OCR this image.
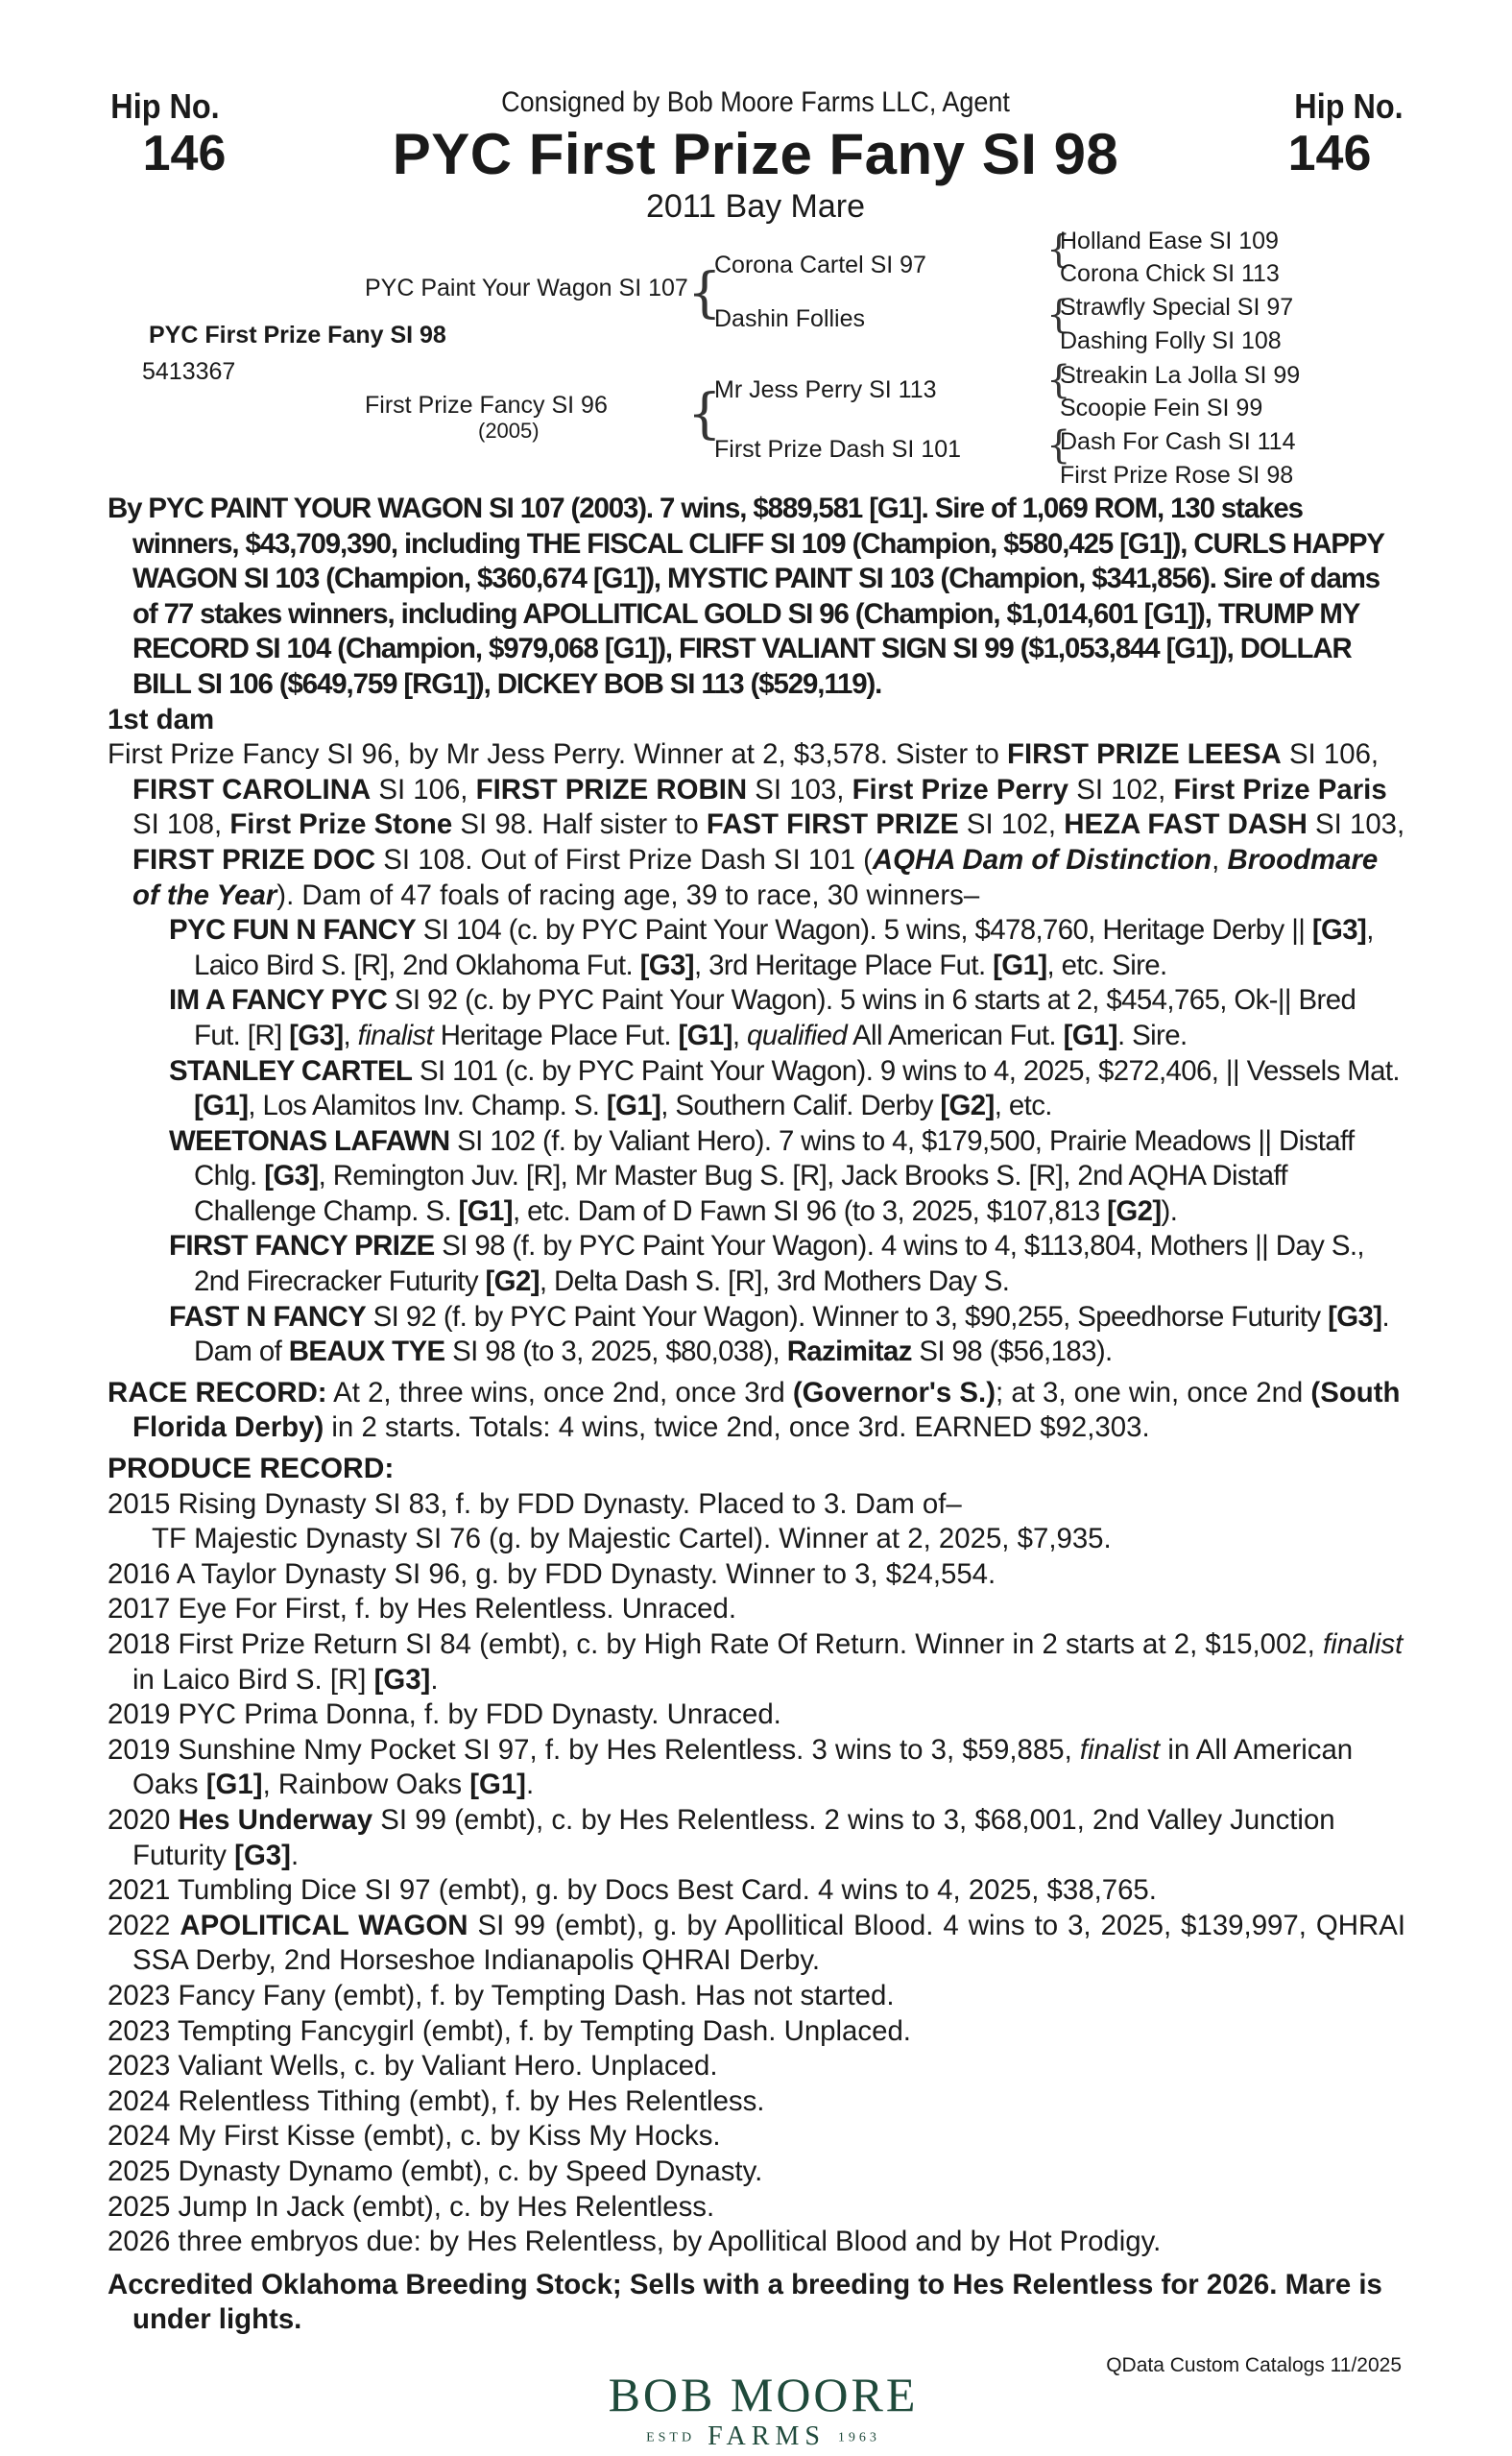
Hip No.
146
Hip No.
146
Consigned by Bob Moore Farms LLC, Agent
PYC First Prize Fany SI 98
2011 Bay Mare
PYC First Prize Fany SI 98
5413367
PYC Paint Your Wagon SI 107
First Prize Fancy SI 96
(2005)
{
{
Corona Cartel SI 97
Dashin Follies
Mr Jess Perry SI 113
First Prize Dash SI 101
{
{
{
{
Holland Ease SI 109
Corona Chick SI 113
Strawfly Special SI 97
Dashing Folly SI 108
Streakin La Jolla SI 99
Scoopie Fein SI 99
Dash For Cash SI 114
First Prize Rose SI 98

By PYC PAINT YOUR WAGON SI 107 (2003). 7 wins, $889,581 [G1]. Sire of 1,069 ROM, 130 stakes winners, $43,709,390, including THE FISCAL CLIFF SI 109 (Champion, $580,425 [G1]), CURLS HAPPY WAGON SI 103 (Champion, $360,674 [G1]), MYSTIC PAINT SI 103 (Champion, $341,856). Sire of dams of 77 stakes winners, including APOLLITICAL GOLD SI 96 (Champion, $1,014,601 [G1]), TRUMP MY RECORD SI 104 (Champion, $979,068 [G1]), FIRST VALIANT SIGN SI 99 ($1,053,844 [G1]), DOLLAR BILL SI 106 ($649,759 [RG1]), DICKEY BOB SI 113 ($529,119).

1st dam

First Prize Fancy SI 96, by Mr Jess Perry. Winner at 2, $3,578. Sister to FIRST PRIZE LEESA SI 106, FIRST CAROLINA SI 106, FIRST PRIZE ROBIN SI 103, First Prize Perry SI 102, First Prize Paris SI 108, First Prize Stone SI 98. Half sister to FAST FIRST PRIZE SI 102, HEZA FAST DASH SI 103, FIRST PRIZE DOC SI 108. Out of First Prize Dash SI 101 (AQHA Dam of Distinction, Broodmare of the Year). Dam of 47 foals of racing age, 39 to race, 30 winners–

PYC FUN N FANCY SI 104 (c. by PYC Paint Your Wagon). 5 wins, $478,760, Heritage Derby || [G3], Laico Bird S. [R], 2nd Oklahoma Fut. [G3], 3rd Heritage Place Fut. [G1], etc. Sire.

IM A FANCY PYC SI 92 (c. by PYC Paint Your Wagon). 5 wins in 6 starts at 2, $454,765, Ok-|| Bred Fut. [R] [G3], finalist Heritage Place Fut. [G1], qualified All American Fut. [G1]. Sire.

STANLEY CARTEL SI 101 (c. by PYC Paint Your Wagon). 9 wins to 4, 2025, $272,406, || Vessels Mat. [G1], Los Alamitos Inv. Champ. S. [G1], Southern Calif. Derby [G2], etc.

WEETONAS LAFAWN SI 102 (f. by Valiant Hero). 7 wins to 4, $179,500, Prairie Meadows || Distaff Chlg. [G3], Remington Juv. [R], Mr Master Bug S. [R], Jack Brooks S. [R], 2nd AQHA Distaff Challenge Champ. S. [G1], etc. Dam of D Fawn SI 96 (to 3, 2025, $107,813 [G2]).

FIRST FANCY PRIZE SI 98 (f. by PYC Paint Your Wagon). 4 wins to 4, $113,804, Mothers || Day S., 2nd Firecracker Futurity [G2], Delta Dash S. [R], 3rd Mothers Day S.

FAST N FANCY SI 92 (f. by PYC Paint Your Wagon). Winner to 3, $90,255, Speedhorse Futurity [G3]. Dam of BEAUX TYE SI 98 (to 3, 2025, $80,038), Razimitaz SI 98 ($56,183).

RACE RECORD: At 2, three wins, once 2nd, once 3rd (Governor's S.); at 3, one win, once 2nd (South Florida Derby) in 2 starts. Totals: 4 wins, twice 2nd, once 3rd. EARNED $92,303.

PRODUCE RECORD:

2015 Rising Dynasty SI 83, f. by FDD Dynasty. Placed to 3. Dam of–

TF Majestic Dynasty SI 76 (g. by Majestic Cartel). Winner at 2, 2025, $7,935.

2016 A Taylor Dynasty SI 96, g. by FDD Dynasty. Winner to 3, $24,554.

2017 Eye For First, f. by Hes Relentless. Unraced.

2018 First Prize Return SI 84 (embt), c. by High Rate Of Return. Winner in 2 starts at 2, $15,002, finalist in Laico Bird S. [R] [G3].

2019 PYC Prima Donna, f. by FDD Dynasty. Unraced.

2019 Sunshine Nmy Pocket SI 97, f. by Hes Relentless. 3 wins to 3, $59,885, finalist in All American Oaks [G1], Rainbow Oaks [G1].

2020 Hes Underway SI 99 (embt), c. by Hes Relentless. 2 wins to 3, $68,001, 2nd Valley Junction Futurity [G3].

2021 Tumbling Dice SI 97 (embt), g. by Docs Best Card. 4 wins to 4, 2025, $38,765.

2022 APOLITICAL WAGON SI 99 (embt), g. by Apollitical Blood. 4 wins to 3, 2025, $139,997, QHRAI SSA Derby, 2nd Horseshoe Indianapolis QHRAI Derby.

2023 Fancy Fany (embt), f. by Tempting Dash. Has not started.

2023 Tempting Fancygirl (embt), f. by Tempting Dash. Unplaced.

2023 Valiant Wells, c. by Valiant Hero. Unplaced.

2024 Relentless Tithing (embt), f. by Hes Relentless.

2024 My First Kisse (embt), c. by Kiss My Hocks.

2025 Dynasty Dynamo (embt), c. by Speed Dynasty.

2025 Jump In Jack (embt), c. by Hes Relentless.

2026 three embryos due: by Hes Relentless, by Apollitical Blood and by Hot Prodigy.

Accredited Oklahoma Breeding Stock; Sells with a breeding to Hes Relentless for 2026. Mare is under lights.

QData Custom Catalogs 11/2025
BOB MOORE
ESTD FARMS 1963
